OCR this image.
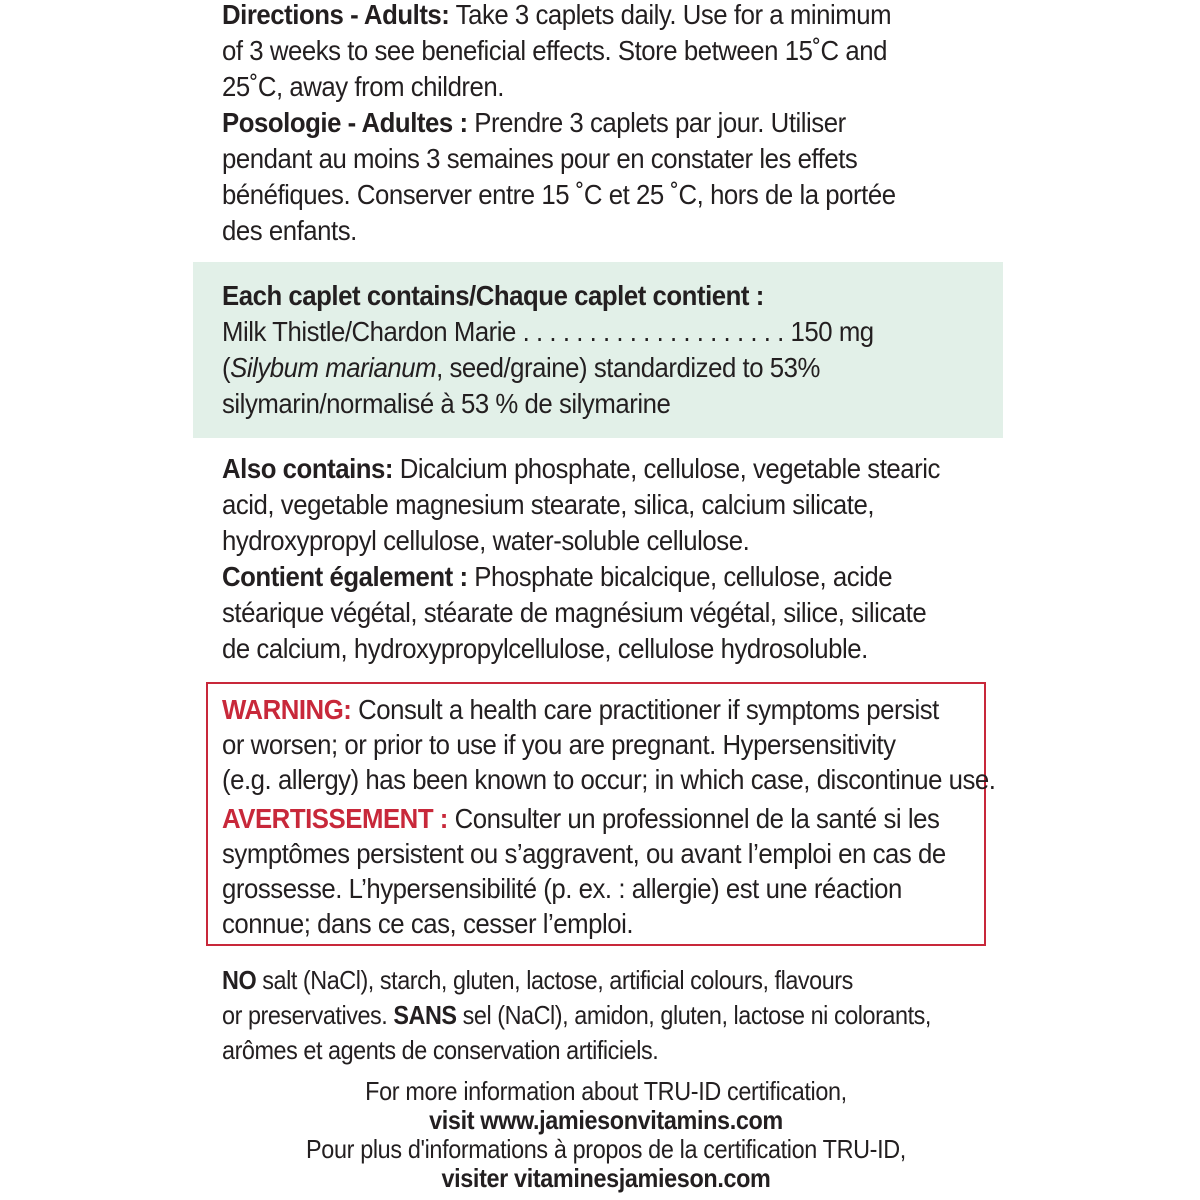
Directions - Adults: Take 3 caplets daily. Use for a minimum
of 3 weeks to see beneficial effects. Store between 15˚C and
25˚C, away from children.
Posologie - Adultes : Prendre 3 caplets par jour. Utiliser
pendant au moins 3 semaines pour en constater les effets
bénéfiques. Conserver entre 15 ˚C et 25 ˚C, hors de la portée
des enfants.
Each caplet contains/Chaque caplet contient :
Milk Thistle/Chardon Marie . . . . . . . . . . . . . . . . . . . . 150 mg
(Silybum marianum, seed/graine) standardized to 53%
silymarin/normalisé à 53 % de silymarine
Also contains: Dicalcium phosphate, cellulose, vegetable stearic
acid, vegetable magnesium stearate, silica, calcium silicate,
hydroxypropyl cellulose, water-soluble cellulose.
Contient également : Phosphate bicalcique, cellulose, acide
stéarique végétal, stéarate de magnésium végétal, silice, silicate
de calcium, hydroxypropylcellulose, cellulose hydrosoluble.
WARNING: Consult a health care practitioner if symptoms persist
or worsen; or prior to use if you are pregnant. Hypersensitivity
(e.g. allergy) has been known to occur; in which case, discontinue use.
AVERTISSEMENT : Consulter un professionnel de la santé si les
symptômes persistent ou s’aggravent, ou avant l’emploi en cas de
grossesse. L’hypersensibilité (p. ex. : allergie) est une réaction
connue; dans ce cas, cesser l’emploi.
NO salt (NaCl), starch, gluten, lactose, artificial colours, flavours
or preservatives. SANS sel (NaCl), amidon, gluten, lactose ni colorants,
arômes et agents de conservation artificiels.
For more information about TRU-ID certification,
visit www.jamiesonvitamins.com
Pour plus d'informations à propos de la certification TRU-ID,
visiter vitaminesjamieson.com
